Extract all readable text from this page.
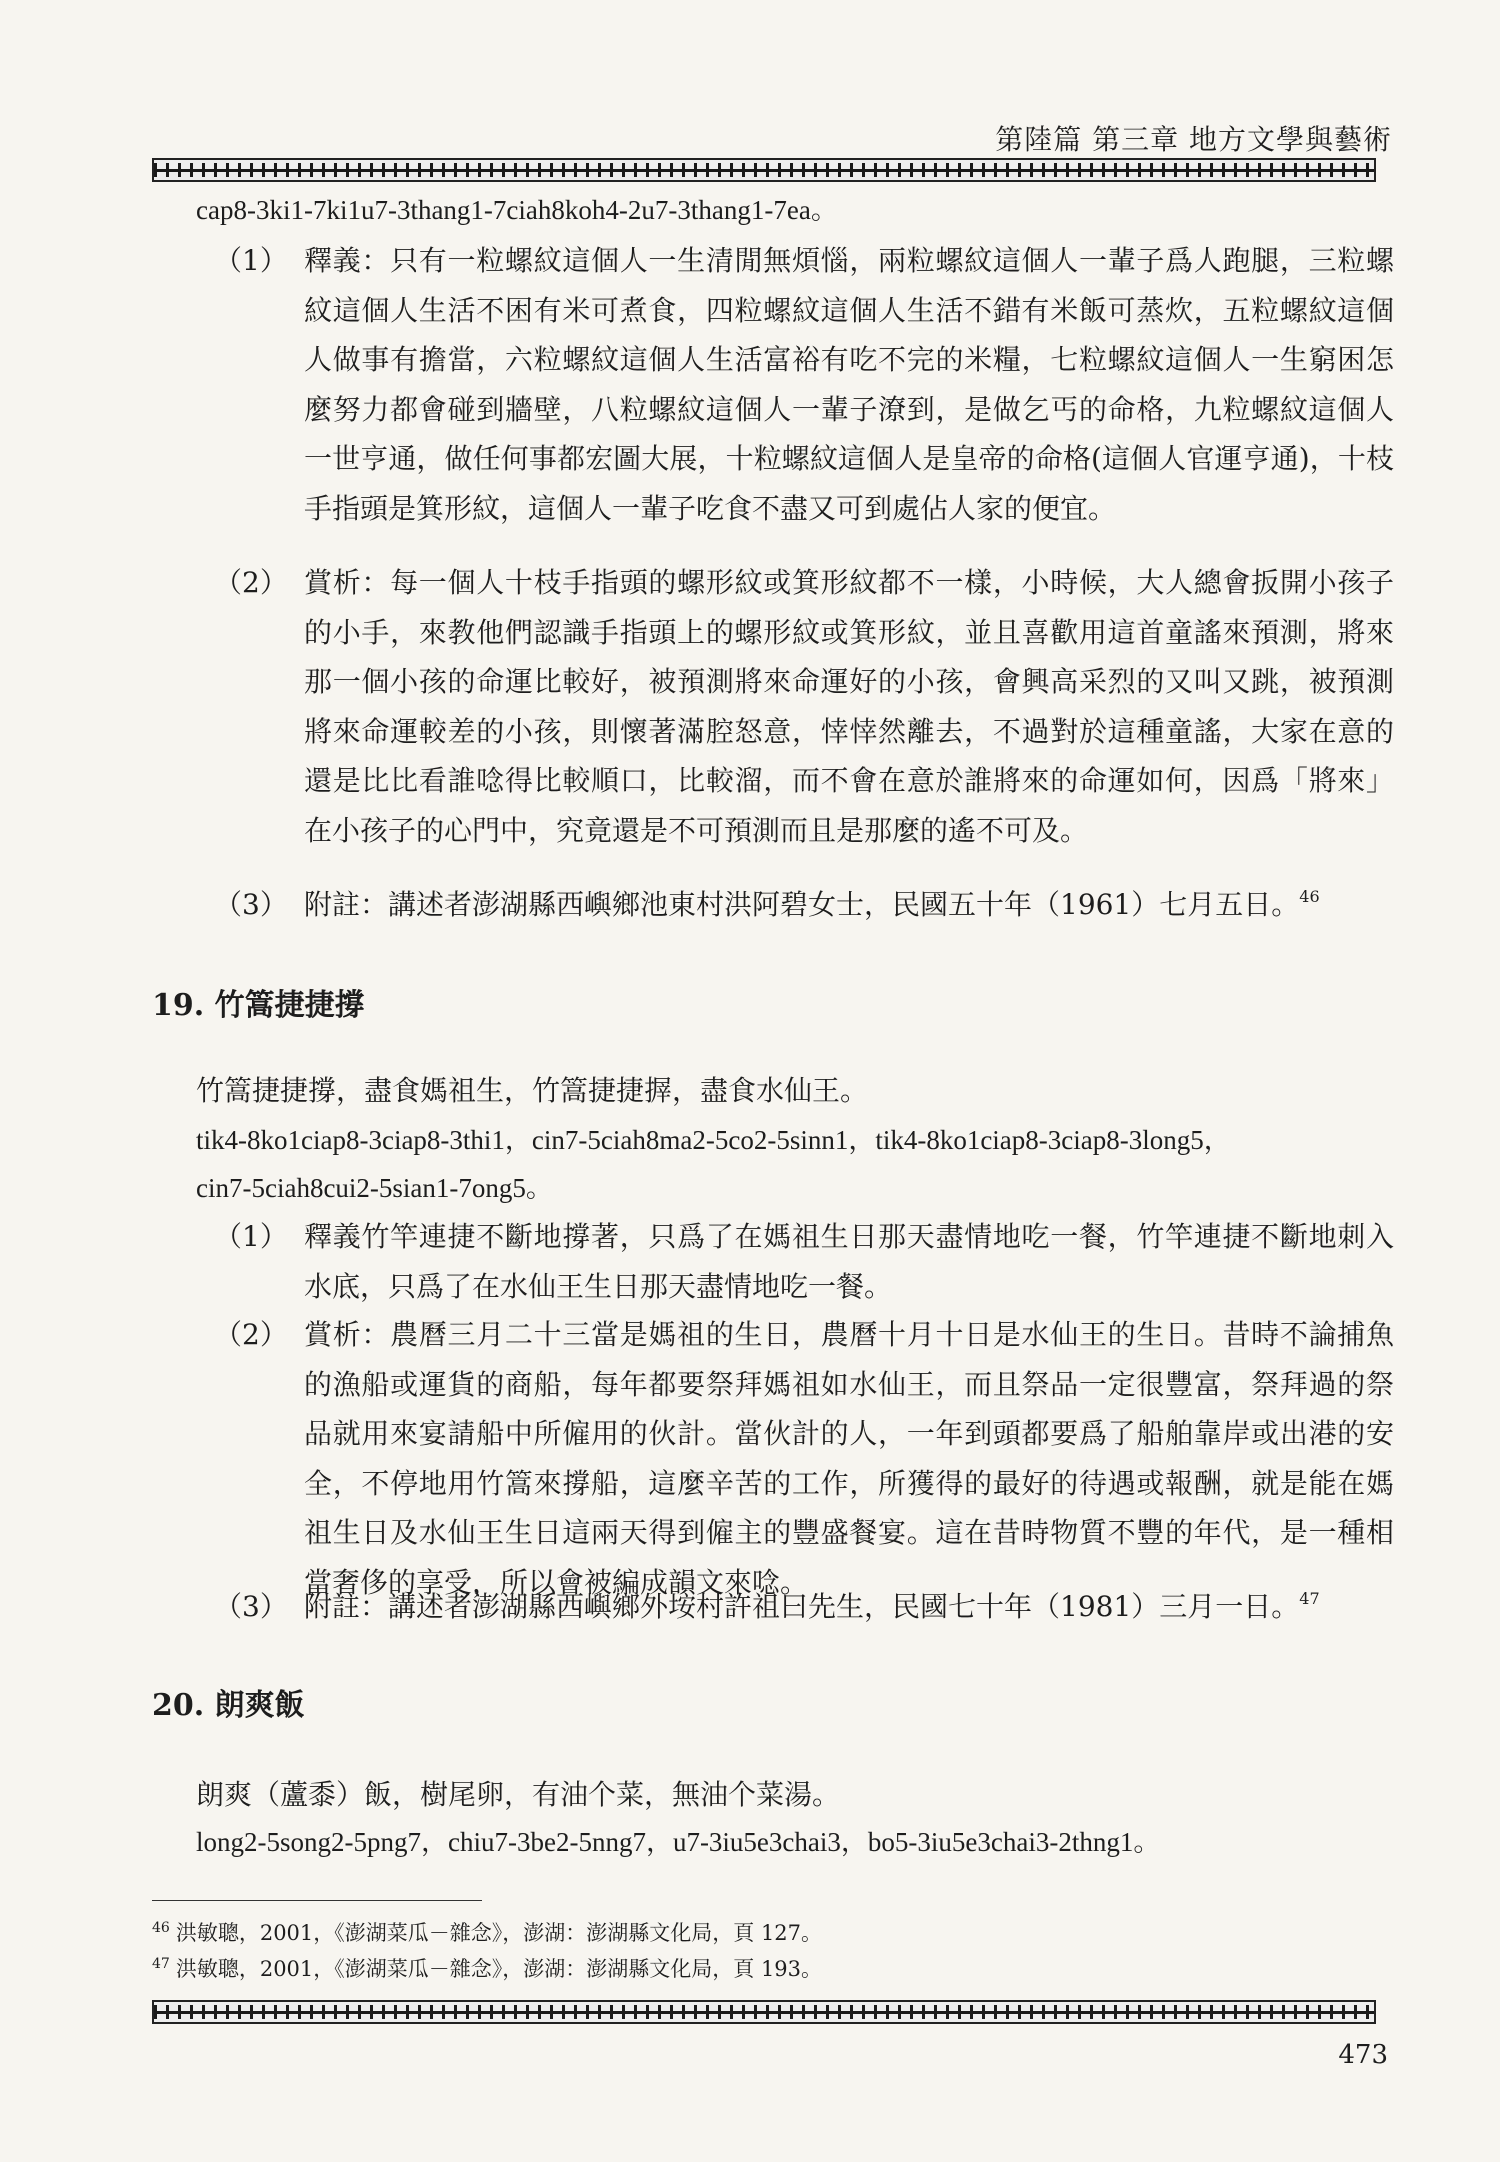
第陸篇 第三章 地方文學與藝術
cap8-3ki1-7ki1u7-3thang1-7ciah8koh4-2u7-3thang1-7ea。
（1） 釋義：只有一粒螺紋這個人一生清閒無煩惱，兩粒螺紋這個人一輩子爲人跑腿，三粒螺紋這個人生活不困有米可煮食，四粒螺紋這個人生活不錯有米飯可蒸炊，五粒螺紋這個人做事有擔當，六粒螺紋這個人生活富裕有吃不完的米糧，七粒螺紋這個人一生窮困怎麼努力都會碰到牆壁，八粒螺紋這個人一輩子潦到，是做乞丐的命格，九粒螺紋這個人一世亨通，做任何事都宏圖大展，十粒螺紋這個人是皇帝的命格(這個人官運亨通)，十枝手指頭是箕形紋，這個人一輩子吃食不盡又可到處佔人家的便宜。
（2） 賞析：每一個人十枝手指頭的螺形紋或箕形紋都不一樣，小時候，大人總會扳開小孩子的小手，來教他們認識手指頭上的螺形紋或箕形紋，並且喜歡用這首童謠來預測，將來那一個小孩的命運比較好，被預測將來命運好的小孩，會興高采烈的又叫又跳，被預測將來命運較差的小孩，則懷著滿腔怒意，悻悻然離去，不過對於這種童謠，大家在意的還是比比看誰唸得比較順口，比較溜，而不會在意於誰將來的命運如何，因爲「將來」在小孩子的心門中，究竟還是不可預測而且是那麼的遙不可及。
（3） 附註：講述者澎湖縣西嶼鄉池東村洪阿碧女士，民國五十年（1961）七月五日。$^{46}$
19. 竹篙捷捷撐
竹篙捷捷撐，盡食媽祖生，竹篙捷捷搱，盡食水仙王。
tik4-8ko1ciap8-3ciap8-3thi1，cin7-5ciah8ma2-5co2-5sinn1，tik4-8ko1ciap8-3ciap8-3long5，
cin7-5ciah8cui2-5sian1-7ong5。
（1） 釋義竹竿連捷不斷地撐著，只爲了在媽祖生日那天盡情地吃一餐，竹竿連捷不斷地刺入水底，只爲了在水仙王生日那天盡情地吃一餐。
（2） 賞析：農曆三月二十三當是媽祖的生日，農曆十月十日是水仙王的生日。昔時不論捕魚的漁船或運貨的商船，每年都要祭拜媽祖如水仙王，而且祭品一定很豐富，祭拜過的祭品就用來宴請船中所僱用的伙計。當伙計的人，一年到頭都要爲了船舶靠岸或出港的安全，不停地用竹篙來撐船，這麼辛苦的工作，所獲得的最好的待遇或報酬，就是能在媽祖生日及水仙王生日這兩天得到僱主的豐盛餐宴。這在昔時物質不豐的年代，是一種相當奢侈的享受，所以會被編成韻文來唸。
（3） 附註：講述者澎湖縣西嶼鄉外垵村許祖曰先生，民國七十年（1981）三月一日。$^{47}$
20. 朗爽飯
朗爽（蘆黍）飯，樹尾卵，有油个菜，無油个菜湯。
long2-5song2-5png7，chiu7-3be2-5nng7，u7-3iu5e3chai3，bo5-3iu5e3chai3-2thng1。
$^{46}$ 洪敏聰，2001，《澎湖菜瓜－雜念》，澎湖：澎湖縣文化局，頁 127。
$^{47}$ 洪敏聰，2001，《澎湖菜瓜－雜念》，澎湖：澎湖縣文化局，頁 193。
473
